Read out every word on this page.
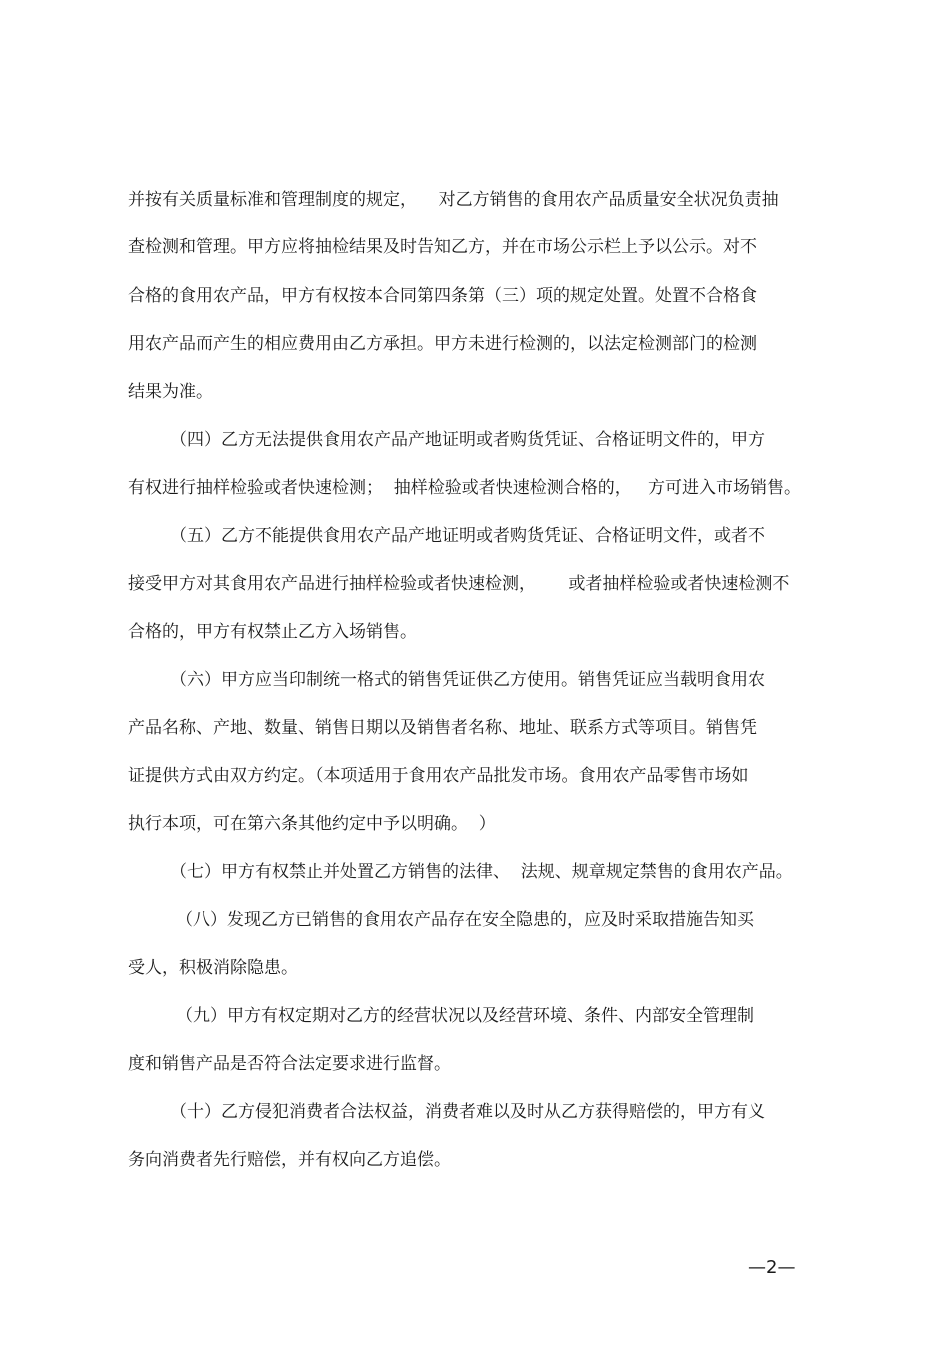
并按有关质量标准和管理制度的规定，    对乙方销售的食用农产品质量安全状况负责抽
查检测和管理。甲方应将抽检结果及时告知乙方，并在市场公示栏上予以公示。对不
合格的食用农产品，甲方有权按本合同第四条第（三）项的规定处置。处置不合格食
用农产品而产生的相应费用由乙方承担。甲方未进行检测的，以法定检测部门的检测
结果为准。
（四）乙方无法提供食用农产品产地证明或者购货凭证、合格证明文件的，甲方
有权进行抽样检验或者快速检测；  抽样检验或者快速检测合格的，   方可进入市场销售。
（五）乙方不能提供食用农产品产地证明或者购货凭证、合格证明文件，或者不
接受甲方对其食用农产品进行抽样检验或者快速检测，      或者抽样检验或者快速检测不
合格的，甲方有权禁止乙方入场销售。
（六）甲方应当印制统一格式的销售凭证供乙方使用。销售凭证应当载明食用农
产品名称、产地、数量、销售日期以及销售者名称、地址、联系方式等项目。销售凭
证提供方式由双方约定。（本项适用于食用农产品批发市场。食用农产品零售市场如
执行本项，可在第六条其他约定中予以明确。  ）
（七）甲方有权禁止并处置乙方销售的法律、  法规、规章规定禁售的食用农产品。
（八）发现乙方已销售的食用农产品存在安全隐患的，应及时采取措施告知买
受人，积极消除隐患。
（九）甲方有权定期对乙方的经营状况以及经营环境、条件、内部安全管理制
度和销售产品是否符合法定要求进行监督。
（十）乙方侵犯消费者合法权益，消费者难以及时从乙方获得赔偿的，甲方有义
务向消费者先行赔偿，并有权向乙方追偿。
—2—
